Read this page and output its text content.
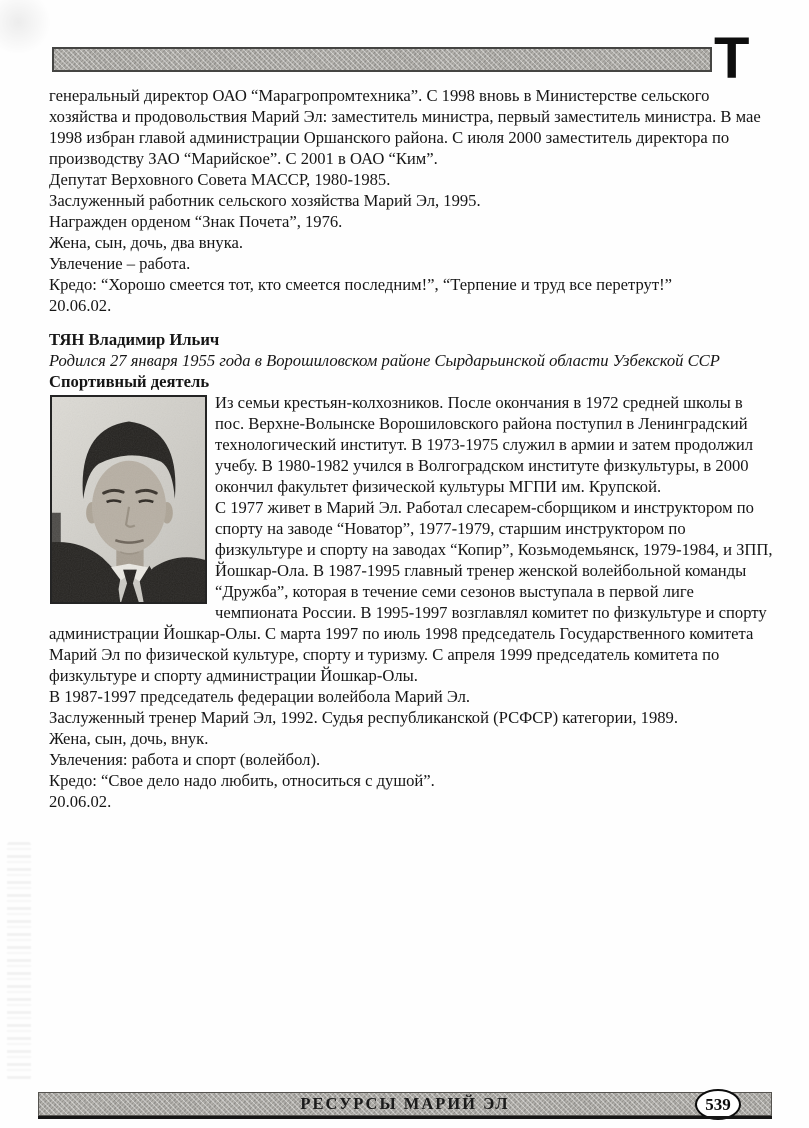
Т

генеральный директор ОАО “Марагропромтехника”. С 1998 вновь в Министерстве сельского хозяйства и продовольствия Марий Эл: заместитель министра, первый заместитель министра. В мае 1998 избран главой администрации Оршанского района. С июля 2000 заместитель директора по производству ЗАО “Марийское”. С 2001 в ОАО “Ким”.

Депутат Верховного Совета МАССР, 1980-1985.

Заслуженный работник сельского хозяйства Марий Эл, 1995.

Награжден орденом “Знак Почета”, 1976.

Жена, сын, дочь, два внука.

Увлечение – работа.

Кредо: “Хорошо смеется тот, кто смеется последним!”, “Терпение и труд все перетрут!”

20.06.02.

ТЯН Владимир Ильич

Родился 27 января 1955 года в Ворошиловском районе Сырдарьинской области Узбекской ССР

Спортивный деятель

Из семьи крестьян-колхозников. После окончания в 1972 средней школы в пос. Верхне-Волынске Ворошиловского района поступил в Ленинградский технологический институт. В 1973-1975 служил в армии и затем продолжил учебу. В 1980-1982 учился в Волгоградском институте физкультуры, в 2000 окончил факультет физической культуры МГПИ им. Крупской.

С 1977 живет в Марий Эл. Работал слесарем-сборщиком и инструктором по спорту на заводе “Новатор”, 1977-1979, старшим инструктором по физкультуре и спорту на заводах “Копир”, Козьмодемьянск, 1979-1984, и ЗПП, Йошкар-Ола. В 1987-1995 главный тренер женской волейбольной команды “Дружба”, которая в течение семи сезонов выступала в первой лиге чемпионата России. В 1995-1997 возглавлял комитет по физкультуре и спорту администрации Йошкар-Олы. С марта 1997 по июль 1998 председатель Государственного комитета Марий Эл по физической культуре, спорту и туризму. С апреля 1999 председатель комитета по физкультуре и спорту администрации Йошкар-Олы.

В 1987-1997 председатель федерации волейбола Марий Эл.

Заслуженный тренер Марий Эл, 1992. Судья республиканской (РСФСР) категории, 1989.

Жена, сын, дочь, внук.

Увлечения: работа и спорт (волейбол).

Кредо: “Свое дело надо любить, относиться с душой”.

20.06.02.

РЕСУРСЫ МАРИЙ ЭЛ	539
